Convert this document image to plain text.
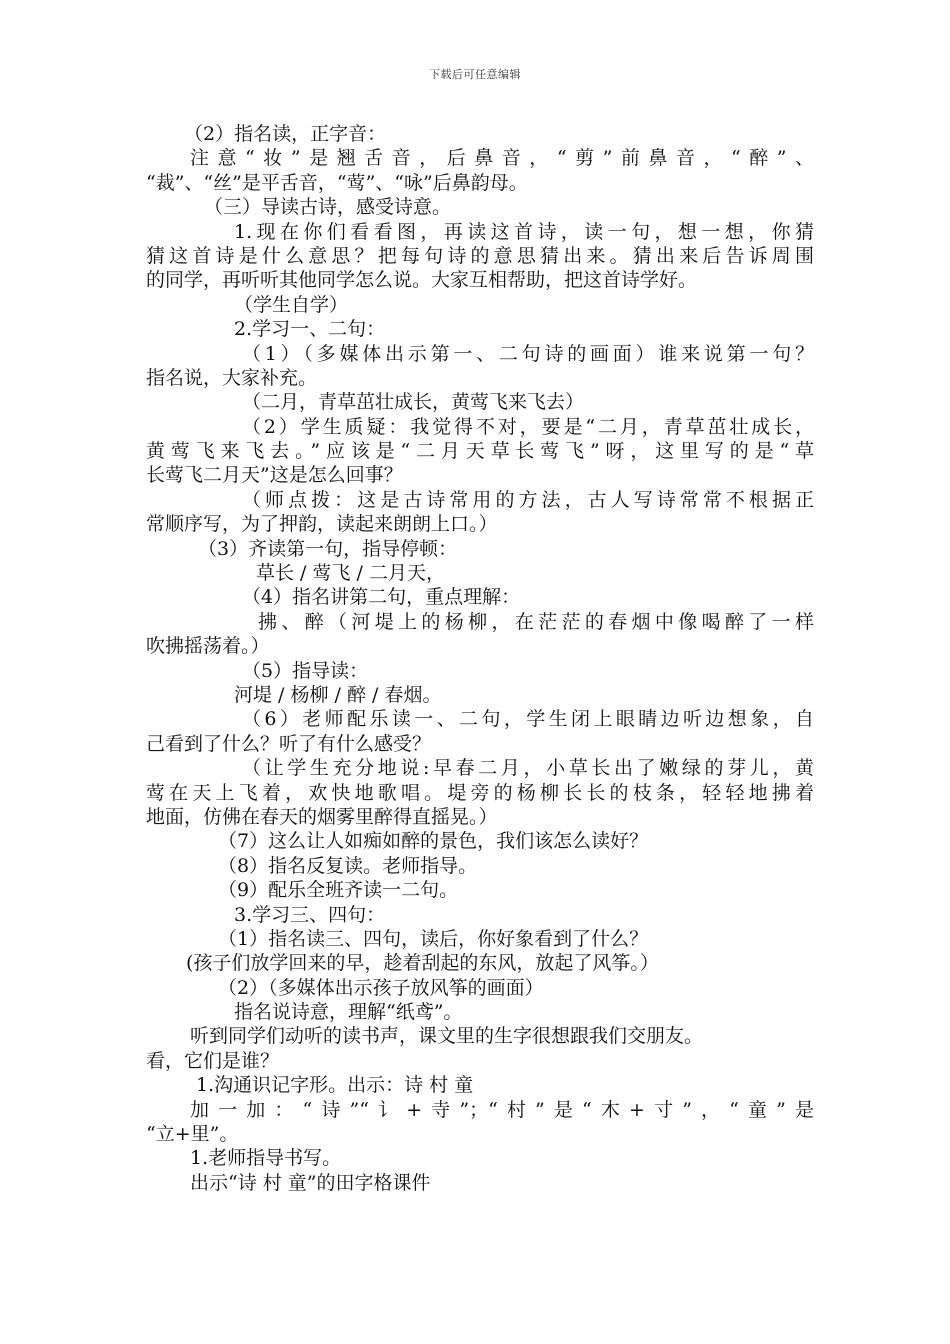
下载后可任意编辑
（2）指名读，正字音：
注意“妆”是翘舌音，后鼻音，“剪”前鼻音，“醉”、
“裁”、“丝”是平舌音，“莺”、“咏”后鼻韵母。
（三）导读古诗，感受诗意。
1.现在你们看看图，再读这首诗，读一句，想一想，你猜
猜这首诗是什么意思？把每句诗的意思猜出来。猜出来后告诉周围
的同学，再听听其他同学怎么说。大家互相帮助，把这首诗学好。
（学生自学）
2.学习一、二句：
（1）（多媒体出示第一、二句诗的画面）谁来说第一句？
指名说，大家补充。
（二月，青草茁壮成长，黄莺飞来飞去）
（2）学生质疑：我觉得不对，要是“二月，青草茁壮成长，
黄莺飞来飞去。”应该是“二月天草长莺飞”呀，这里写的是“草
长莺飞二月天”这是怎么回事？
（师点拨：这是古诗常用的方法，古人写诗常常不根据正
常顺序写，为了押韵，读起来朗朗上口。）
（3）齐读第一句，指导停顿：
草长 / 莺飞 / 二月天，
（4）指名讲第二句，重点理解：
拂、醉（河堤上的杨柳，在茫茫的春烟中像喝醉了一样
吹拂摇荡着。）
（5）指导读：
河堤 / 杨柳 / 醉 / 春烟。
（6）老师配乐读一、二句，学生闭上眼睛边听边想象，自
己看到了什么？听了有什么感受？
（让学生充分地说:早春二月，小草长出了嫩绿的芽儿，黄
莺在天上飞着，欢快地歌唱。堤旁的杨柳长长的枝条，轻轻地拂着
地面，仿佛在春天的烟雾里醉得直摇晃。）
（7）这么让人如痴如醉的景色，我们该怎么读好？
（8）指名反复读。老师指导。
（9）配乐全班齐读一二句。
3.学习三、四句：
（1）指名读三、四句，读后，你好象看到了什么？
(孩子们放学回来的早，趁着刮起的东风，放起了风筝。）
（2）（多媒体出示孩子放风筝的画面）
指名说诗意，理解“纸鸢”。
听到同学们动听的读书声，课文里的生字很想跟我们交朋友。
看，它们是谁？
1.沟通识记字形。出示：诗 村 童
加一加：“诗”“讠+寺”；“村”是“木+寸”，“童”是
“立+里”。
1.老师指导书写。
出示“诗 村 童”的田字格课件
